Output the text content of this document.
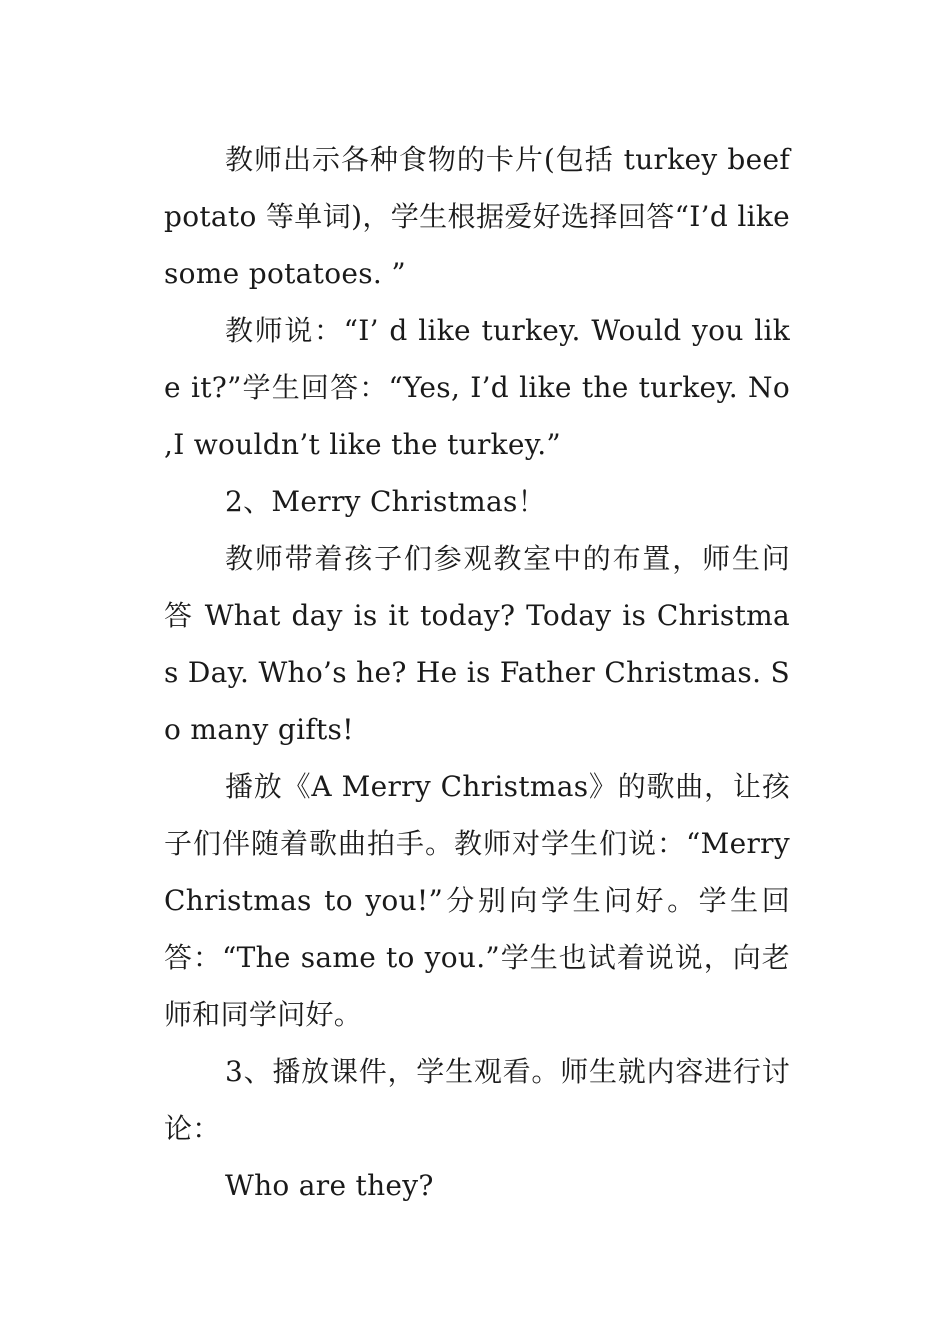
教师出示各种食物的卡片(包括 turkey beef potato 等单词)，学生根据爱好选择回答“I’d like some potatoes. ”

教师说：“I’ d like turkey. Would you like it?”学生回答：“Yes, I’d like the turkey. No ,I wouldn’t like the turkey.”

2、Merry Christmas！

教师带着孩子们参观教室中的布置，师生问答 What day is it today? Today is Christmas Day. Who’s he? He is Father Christmas. So many gifts!

播放《A Merry Christmas》的歌曲，让孩子们伴随着歌曲拍手。教师对学生们说：“Merry Christmas to you!”分别向学生问好。学生回答：“The same to you.”学生也试着说说，向老师和同学问好。

3、播放课件，学生观看。师生就内容进行讨论：

Who are they?
